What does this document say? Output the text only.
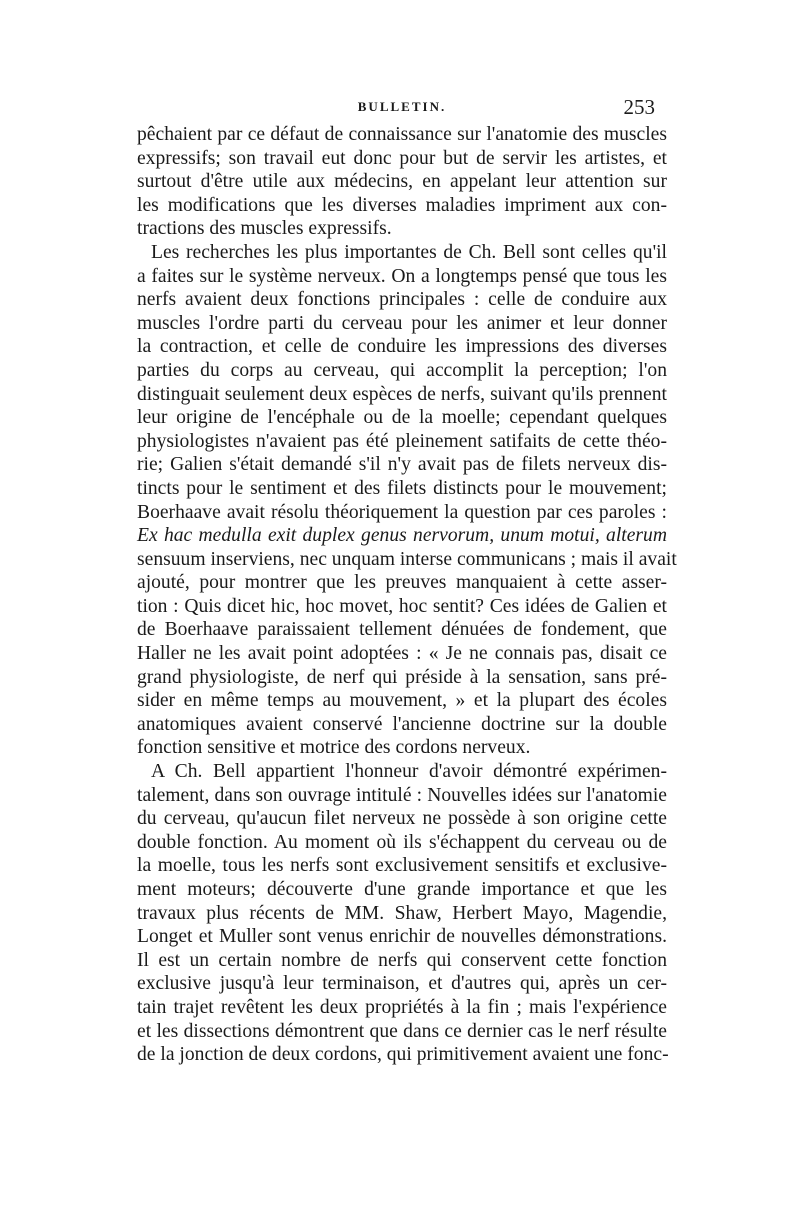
BULLETIN.	253
pêchaient par ce défaut de connaissance sur l'anatomie des muscles
expressifs; son travail eut donc pour but de servir les artistes, et
surtout d'être utile aux médecins, en appelant leur attention sur
les modifications que les diverses maladies impriment aux con-
tractions des muscles expressifs.
Les recherches les plus importantes de Ch. Bell sont celles qu'il
a faites sur le système nerveux. On a longtemps pensé que tous les
nerfs avaient deux fonctions principales : celle de conduire aux
muscles l'ordre parti du cerveau pour les animer et leur donner
la contraction, et celle de conduire les impressions des diverses
parties du corps au cerveau, qui accomplit la perception; l'on
distinguait seulement deux espèces de nerfs, suivant qu'ils prennent
leur origine de l'encéphale ou de la moelle; cependant quelques
physiologistes n'avaient pas été pleinement satifaits de cette théo-
rie; Galien s'était demandé s'il n'y avait pas de filets nerveux dis-
tincts pour le sentiment et des filets distincts pour le mouvement;
Boerhaave avait résolu théoriquement la question par ces paroles :
Ex hac medulla exit duplex genus nervorum, unum motui, alterum
sensuum inserviens, nec unquam interse communicans ; mais il avait
ajouté, pour montrer que les preuves manquaient à cette asser-
tion : Quis dicet hic, hoc movet, hoc sentit? Ces idées de Galien et
de Boerhaave paraissaient tellement dénuées de fondement, que
Haller ne les avait point adoptées : « Je ne connais pas, disait ce
grand physiologiste, de nerf qui préside à la sensation, sans pré-
sider en même temps au mouvement, » et la plupart des écoles
anatomiques avaient conservé l'ancienne doctrine sur la double
fonction sensitive et motrice des cordons nerveux.
A Ch. Bell appartient l'honneur d'avoir démontré expérimen-
talement, dans son ouvrage intitulé : Nouvelles idées sur l'anatomie
du cerveau, qu'aucun filet nerveux ne possède à son origine cette
double fonction. Au moment où ils s'échappent du cerveau ou de
la moelle, tous les nerfs sont exclusivement sensitifs et exclusive-
ment moteurs; découverte d'une grande importance et que les
travaux plus récents de MM. Shaw, Herbert Mayo, Magendie,
Longet et Muller sont venus enrichir de nouvelles démonstrations.
Il est un certain nombre de nerfs qui conservent cette fonction
exclusive jusqu'à leur terminaison, et d'autres qui, après un cer-
tain trajet revêtent les deux propriétés à la fin ; mais l'expérience
et les dissections démontrent que dans ce dernier cas le nerf résulte
de la jonction de deux cordons, qui primitivement avaient une fonc-
